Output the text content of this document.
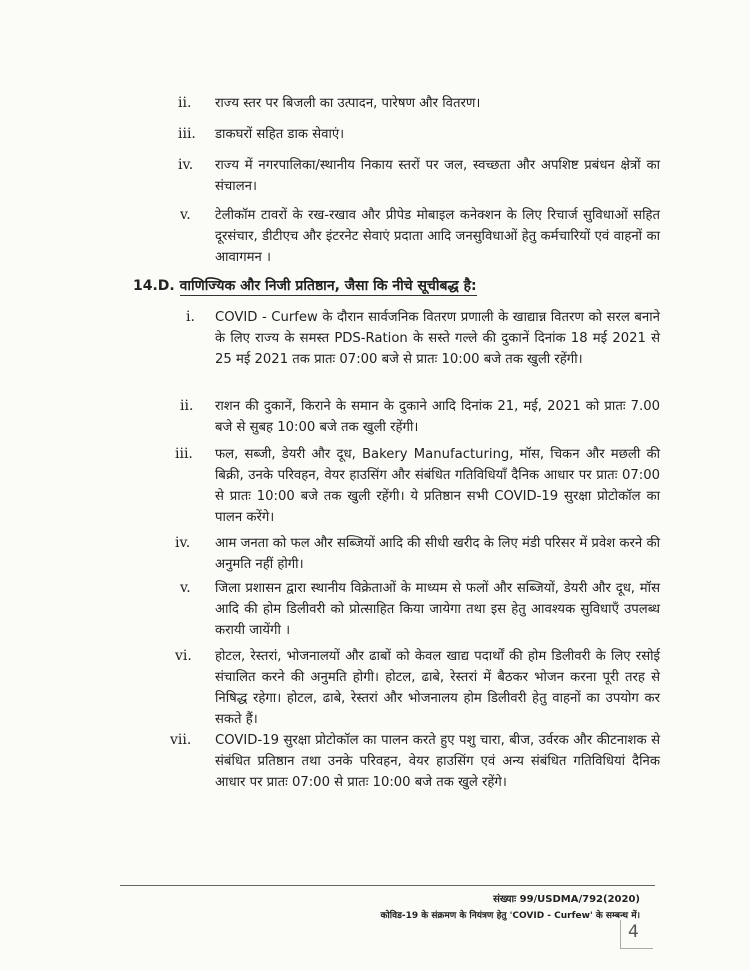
ii. राज्य स्तर पर बिजली का उत्पादन, पारेषण और वितरण।
iii. डाकघरों सहित डाक सेवाएं।
iv. राज्य में नगरपालिका/स्थानीय निकाय स्तरों पर जल, स्वच्छता और अपशिष्ट प्रबंधन क्षेत्रों का संचालन।
v. टेलीकॉम टावरों के रख-रखाव और प्रीपेड मोबाइल कनेक्शन के लिए रिचार्ज सुविधाओं सहित दूरसंचार, डीटीएच और इंटरनेट सेवाएं प्रदाता आदि जनसुविधाओं हेतु कर्मचारियों एवं वाहनों का आवागमन ।
14.D. वाणिज्यिक और निजी प्रतिष्ठान, जैसा कि नीचे सूचीबद्ध है:
i. COVID - Curfew के दौरान सार्वजनिक वितरण प्रणाली के खाद्यान्न वितरण को सरल बनाने के लिए राज्य के समस्त PDS-Ration के सस्ते गल्ले की दुकानें दिनांक 18 मई 2021 से 25 मई 2021 तक प्रातः 07:00 बजे से प्रातः 10:00 बजे तक खुली रहेंगी।
ii. राशन की दुकानें, किराने के समान के दुकाने आदि दिनांक 21, मई, 2021 को प्रातः 7.00 बजे से सुबह 10:00 बजे तक खुली रहेंगी।
iii. फल, सब्जी, डेयरी और दूध, Bakery Manufacturing, मॉस, चिकन और मछली की बिक्री, उनके परिवहन, वेयर हाउसिंग और संबंधित गतिविधियाँ दैनिक आधार पर प्रातः 07:00 से प्रातः 10:00 बजे तक खुली रहेंगी। ये प्रतिष्ठान सभी COVID-19 सुरक्षा प्रोटोकॉल का पालन करेंगे।
iv. आम जनता को फल और सब्जियों आदि की सीधी खरीद के लिए मंडी परिसर में प्रवेश करने की अनुमति नहीं होगी।
v. जिला प्रशासन द्वारा स्थानीय विक्रेताओं के माध्यम से फलों और सब्जियों, डेयरी और दूध, मॉस आदि की होम डिलीवरी को प्रोत्साहित किया जायेगा तथा इस हेतु आवश्यक सुविधाएँ उपलब्ध करायी जायेंगी ।
vi. होटल, रेस्तरां, भोजनालयों और ढाबों को केवल खाद्य पदार्थों की होम डिलीवरी के लिए रसोई संचालित करने की अनुमति होगी। होटल, ढाबे, रेस्तरां में बैठकर भोजन करना पूरी तरह से निषिद्ध रहेगा। होटल, ढाबे, रेस्तरां और भोजनालय होम डिलीवरी हेतु वाहनों का उपयोग कर सकते हैं।
vii. COVID-19 सुरक्षा प्रोटोकॉल का पालन करते हुए पशु चारा, बीज, उर्वरक और कीटनाशक से संबंधित प्रतिष्ठान तथा उनके परिवहन, वेयर हाउसिंग एवं अन्य संबंधित गतिविधियां दैनिक आधार पर प्रातः 07:00 से प्रातः 10:00 बजे तक खुले रहेंगे।
संख्याः 99/USDMA/792(2020)
कोविड-19 के संक्रमण के नियंत्रण हेतु 'COVID - Curfew' के सम्बन्ध में।
4
